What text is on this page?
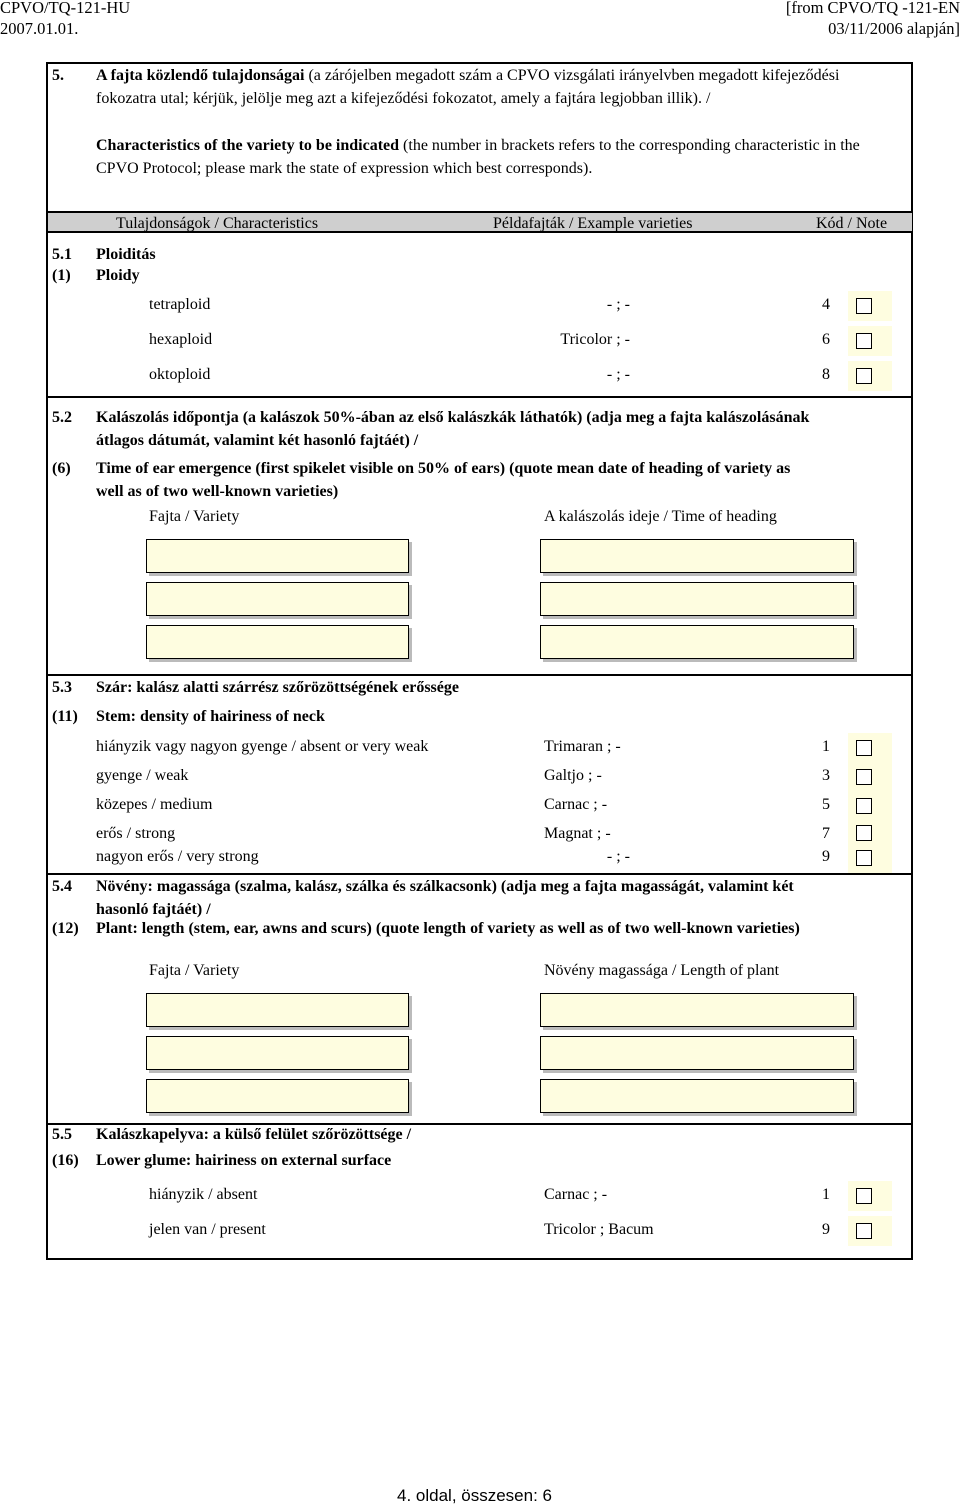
CPVO/TQ-121-HU
2007.01.01.
[from CPVO/TQ -121-EN
03/11/2006 alapján]
5. A fajta közlendő tulajdonságai (a zárójelben megadott szám a CPVO vizsgálati irányelvben megadott kifejeződési fokozatra utal; kérjük, jelölje meg azt a kifejeződési fokozatot, amely a fajtára legjobban illik). /
Characteristics of the variety to be indicated (the number in brackets refers to the corresponding characteristic in the CPVO Protocol; please mark the state of expression which best corresponds).
Tulajdonságok / Characteristics	Példafajták / Example varieties	Kód / Note
5.1 Ploiditás
(1) Ploidy
tetraploid	- ; -	4
hexaploid	Tricolor ; -	6
oktoploid	- ; -	8
5.2 Kalászolás időpontja (a kalászok 50%-ában az első kalászkák láthatók) (adja meg a fajta kalászolásának
átlagos dátumát, valamint két hasonló fajtáét) /
(6) Time of ear emergence (first spikelet visible on 50% of ears) (quote mean date of heading of variety as
well as of two well-known varieties)
Fajta / Variety	A kalászolás ideje / Time of heading
5.3 Szár: kalász alatti szárrész szőrözöttségének erőssége
(11) Stem: density of hairiness of neck
hiányzik vagy nagyon gyenge / absent or very weak	Trimaran ; -	1
gyenge / weak	Galtjo ; -	3
közepes / medium	Carnac ; -	5
erős / strong	Magnat ; -	7
nagyon erős / very strong	- ; -	9
5.4 Növény: magassága (szalma, kalász, szálka és szálkacsonk) (adja meg a fajta magasságát, valamint két
hasonló fajtáét) /
(12) Plant: length (stem, ear, awns and scurs) (quote length of variety as well as of two well-known varieties)
Fajta / Variety	Növény magassága / Length of plant
5.5 Kalászkapelyva: a külső felület szőrözöttsége /
(16) Lower glume: hairiness on external surface
hiányzik / absent	Carnac ; -	1
jelen van / present	Tricolor ; Bacum	9
4. oldal, összesen: 6
